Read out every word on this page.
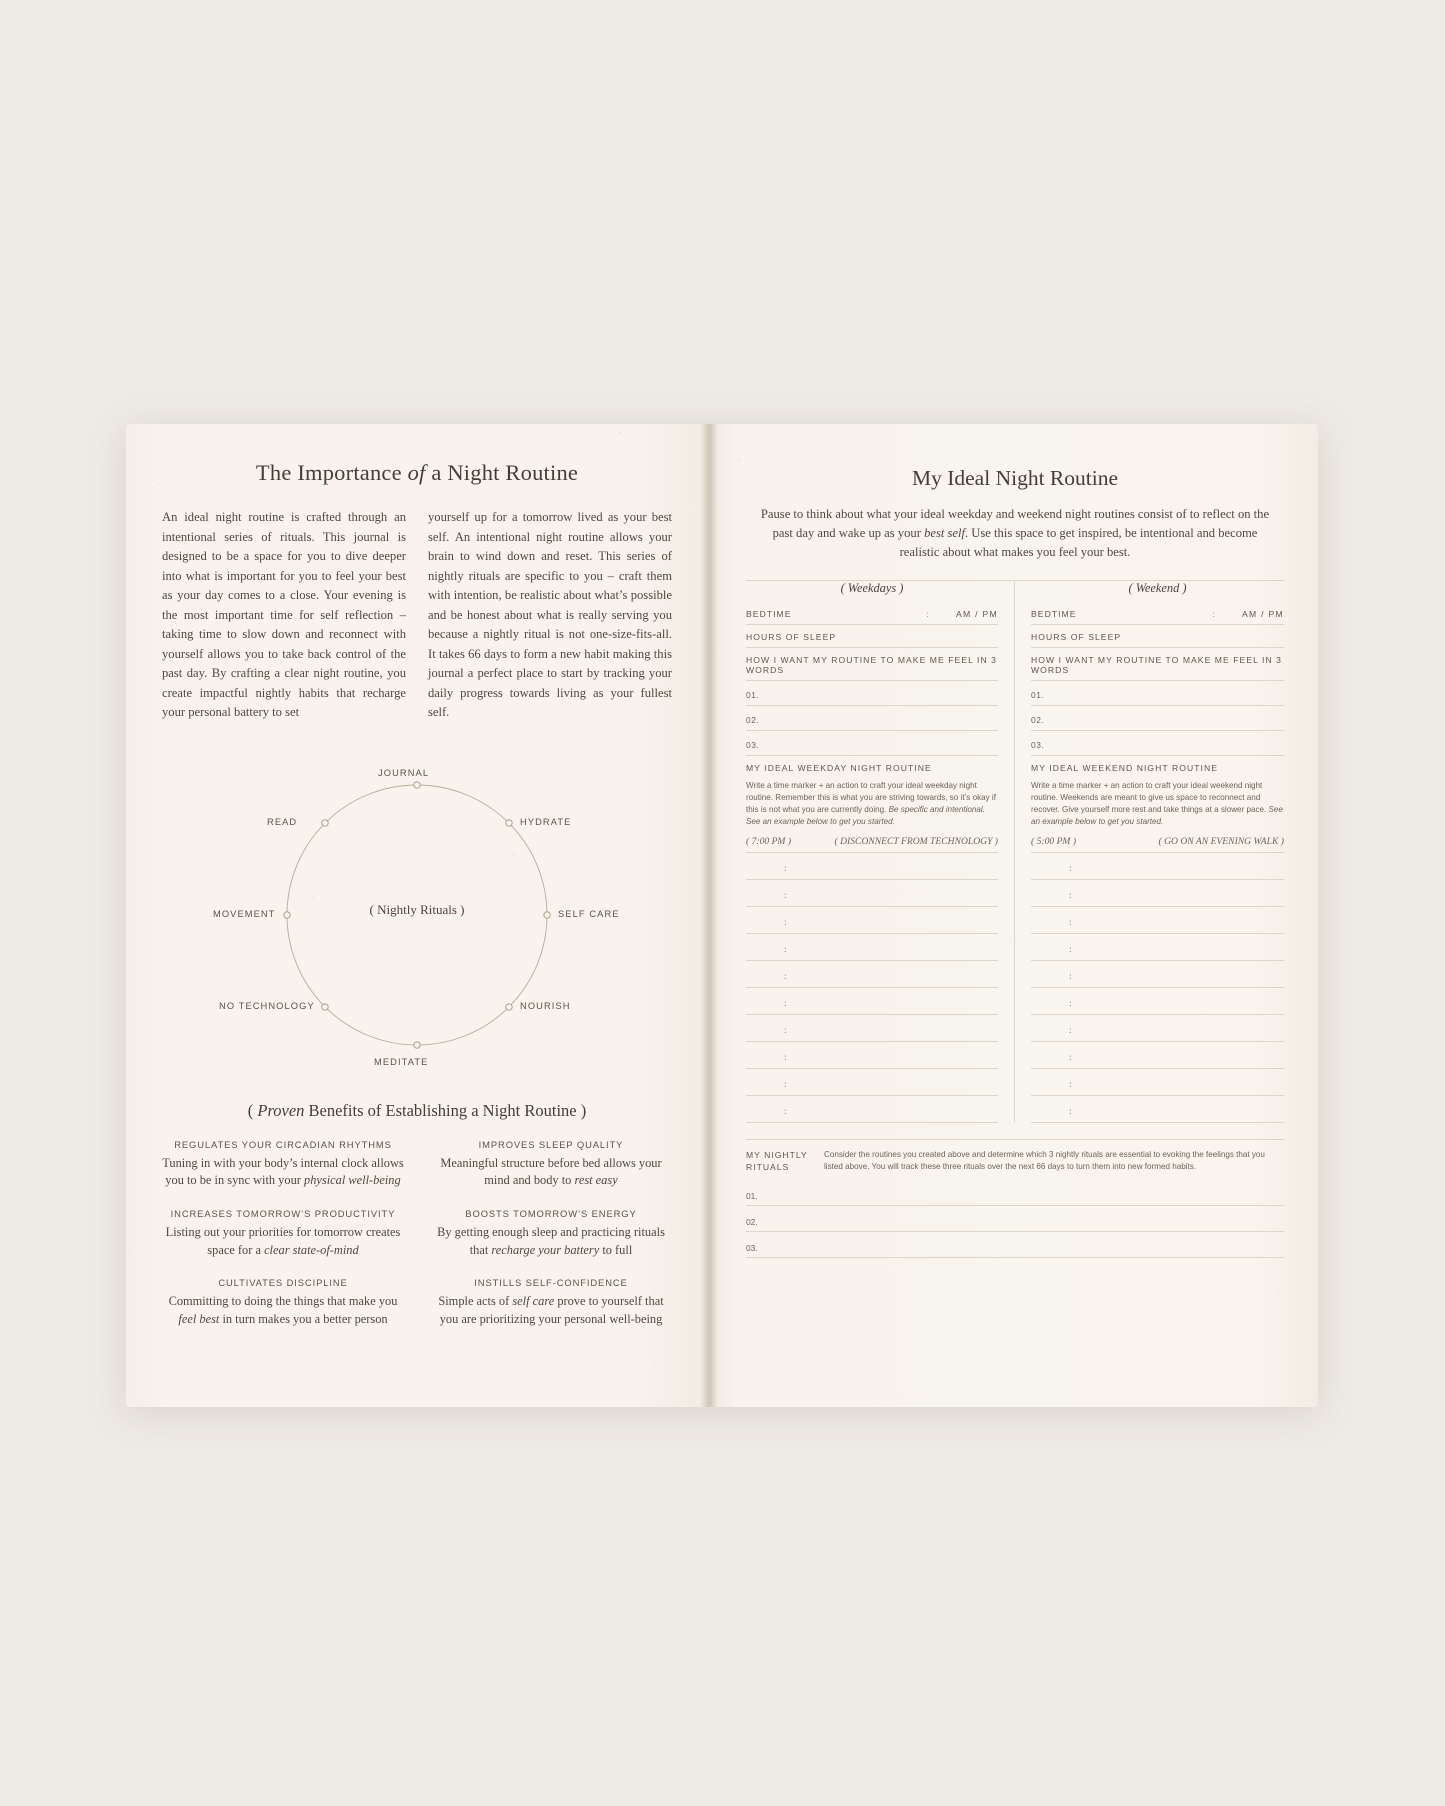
The Importance of a Night Routine

An ideal night routine is crafted through an intentional series of rituals. This journal is designed to be a space for you to dive deeper into what is important for you to feel your best as your day comes to a close. Your evening is the most important time for self reflection – taking time to slow down and reconnect with yourself allows you to take back control of the past day. By crafting a clear night routine, you create impactful nightly habits that recharge your personal battery to set

yourself up for a tomorrow lived as your best self. An intentional night routine allows your brain to wind down and reset. This series of nightly rituals are specific to you – craft them with intention, be realistic about what’s possible and be honest about what is really serving you because a nightly ritual is not one-size-fits-all. It takes 66 days to form a new habit making this journal a perfect place to start by tracking your daily progress towards living as your fullest self.

JOURNAL
HYDRATE
SELF CARE
NOURISH
MEDITATE
NO TECHNOLOGY
MOVEMENT
READ
( Nightly Rituals )
( Proven Benefits of Establishing a Night Routine )
REGULATES YOUR CIRCADIAN RHYTHMS

Tuning in with your body’s internal clock allows you to be in sync with your physical well-being

IMPROVES SLEEP QUALITY

Meaningful structure before bed allows your mind and body to rest easy

INCREASES TOMORROW’S PRODUCTIVITY

Listing out your priorities for tomorrow creates space for a clear state-of-mind

BOOSTS TOMORROW’S ENERGY

By getting enough sleep and practicing rituals that recharge your battery to full

CULTIVATES DISCIPLINE

Committing to doing the things that make you feel best in turn makes you a better person

INSTILLS SELF-CONFIDENCE

Simple acts of self care prove to yourself that you are prioritizing your personal well-being

My Ideal Night Routine

Pause to think about what your ideal weekday and weekend night routines consist of to reflect on the past day and wake up as your best self. Use this space to get inspired, be intentional and become realistic about what makes you feel your best.

( Weekdays )
BEDTIME	:	AM / PM
HOURS OF SLEEP
HOW I WANT MY ROUTINE TO MAKE ME FEEL IN 3 WORDS
01.
02.
03.
MY IDEAL WEEKDAY NIGHT ROUTINE
Write a time marker + an action to craft your ideal weekday night routine. Remember this is what you are striving towards, so it’s okay if this is not what you are currently doing. Be specific and intentional. See an example below to get you started.
( 7:00 PM )	( DISCONNECT FROM TECHNOLOGY )
:
:
:
:
:
:
:
:
:
:
( Weekend )
BEDTIME	:	AM / PM
HOURS OF SLEEP
HOW I WANT MY ROUTINE TO MAKE ME FEEL IN 3 WORDS
01.
02.
03.
MY IDEAL WEEKEND NIGHT ROUTINE
Write a time marker + an action to craft your ideal weekend night routine. Weekends are meant to give us space to reconnect and recover. Give yourself more rest and take things at a slower pace. See an example below to get you started.
( 5:00 PM )	( GO ON AN EVENING WALK )
:
:
:
:
:
:
:
:
:
:
MY NIGHTLY RITUALS
Consider the routines you created above and determine which 3 nightly rituals are essential to evoking the feelings that you listed above. You will track these three rituals over the next 66 days to turn them into new formed habits.
01.
02.
03.
